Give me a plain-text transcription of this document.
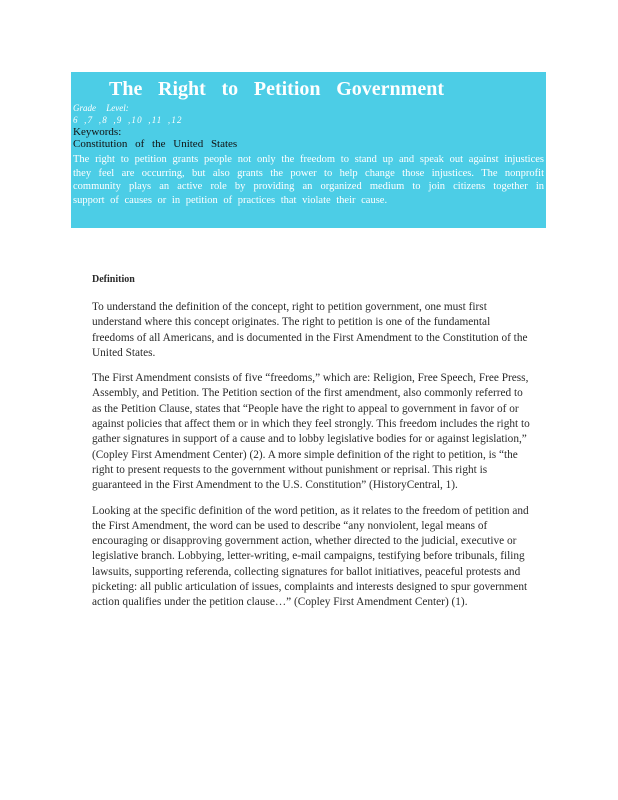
The Right to Petition Government
Grade Level:
6 ,7 ,8 ,9 ,10 ,11 ,12
Keywords:
Constitution of the United States
The right to petition grants people not only the freedom to stand up and speak out against injustices they feel are occurring, but also grants the power to help change those injustices. The nonprofit community plays an active role by providing an organized medium to join citizens together in support of causes or in petition of practices that violate their cause.
Definition

To understand the definition of the concept, right to petition government, one must first understand where this concept originates. The right to petition is one of the fundamental freedoms of all Americans, and is documented in the First Amendment to the Constitution of the United States.

The First Amendment consists of five “freedoms,” which are: Religion, Free Speech, Free Press, Assembly, and Petition. The Petition section of the first amendment, also commonly referred to as the Petition Clause, states that “People have the right to appeal to government in favor of or against policies that affect them or in which they feel strongly. This freedom includes the right to gather signatures in support of a cause and to lobby legislative bodies for or against legislation,” (Copley First Amendment Center) (2). A more simple definition of the right to petition, is “the right to present requests to the government without punishment or reprisal. This right is guaranteed in the First Amendment to the U.S. Constitution” (HistoryCentral, 1).

Looking at the specific definition of the word petition, as it relates to the freedom of petition and the First Amendment, the word can be used to describe “any nonviolent, legal means of encouraging or disapproving government action, whether directed to the judicial, executive or legislative branch. Lobbying, letter-writing, e-mail campaigns, testifying before tribunals, filing lawsuits, supporting referenda, collecting signatures for ballot initiatives, peaceful protests and picketing: all public articulation of issues, complaints and interests designed to spur government action qualifies under the petition clause…” (Copley First Amendment Center) (1).
